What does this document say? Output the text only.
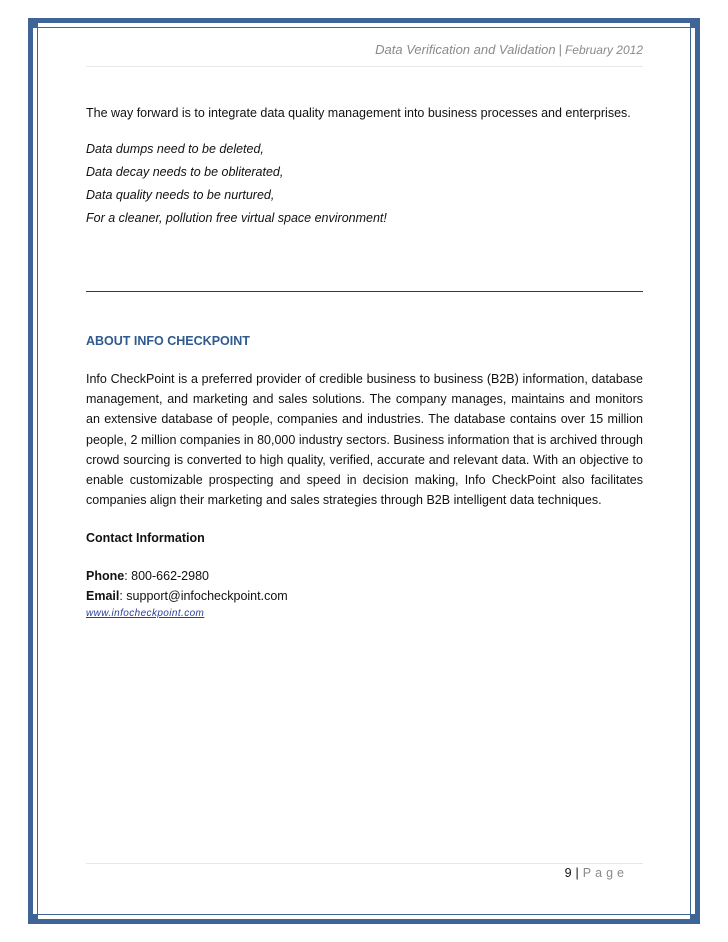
Data Verification and Validation | February 2012

The way forward is to integrate data quality management into business processes and enterprises.

Data dumps need to be deleted,
Data decay needs to be obliterated,
Data quality needs to be nurtured,
For a cleaner, pollution free virtual space environment!
ABOUT INFO CHECKPOINT

Info CheckPoint is a preferred provider of credible business to business (B2B) information, database management, and marketing and sales solutions. The company manages, maintains and monitors an extensive database of people, companies and industries. The database contains over 15 million people, 2 million companies in 80,000 industry sectors. Business information that is archived through crowd sourcing is converted to high quality, verified, accurate and relevant data. With an objective to enable customizable prospecting and speed in decision making, Info CheckPoint also facilitates companies align their marketing and sales strategies through B2B intelligent data techniques.

Contact Information

Phone: 800-662-2980

Email: support@infocheckpoint.com

www.infocheckpoint.com

9 | Page
